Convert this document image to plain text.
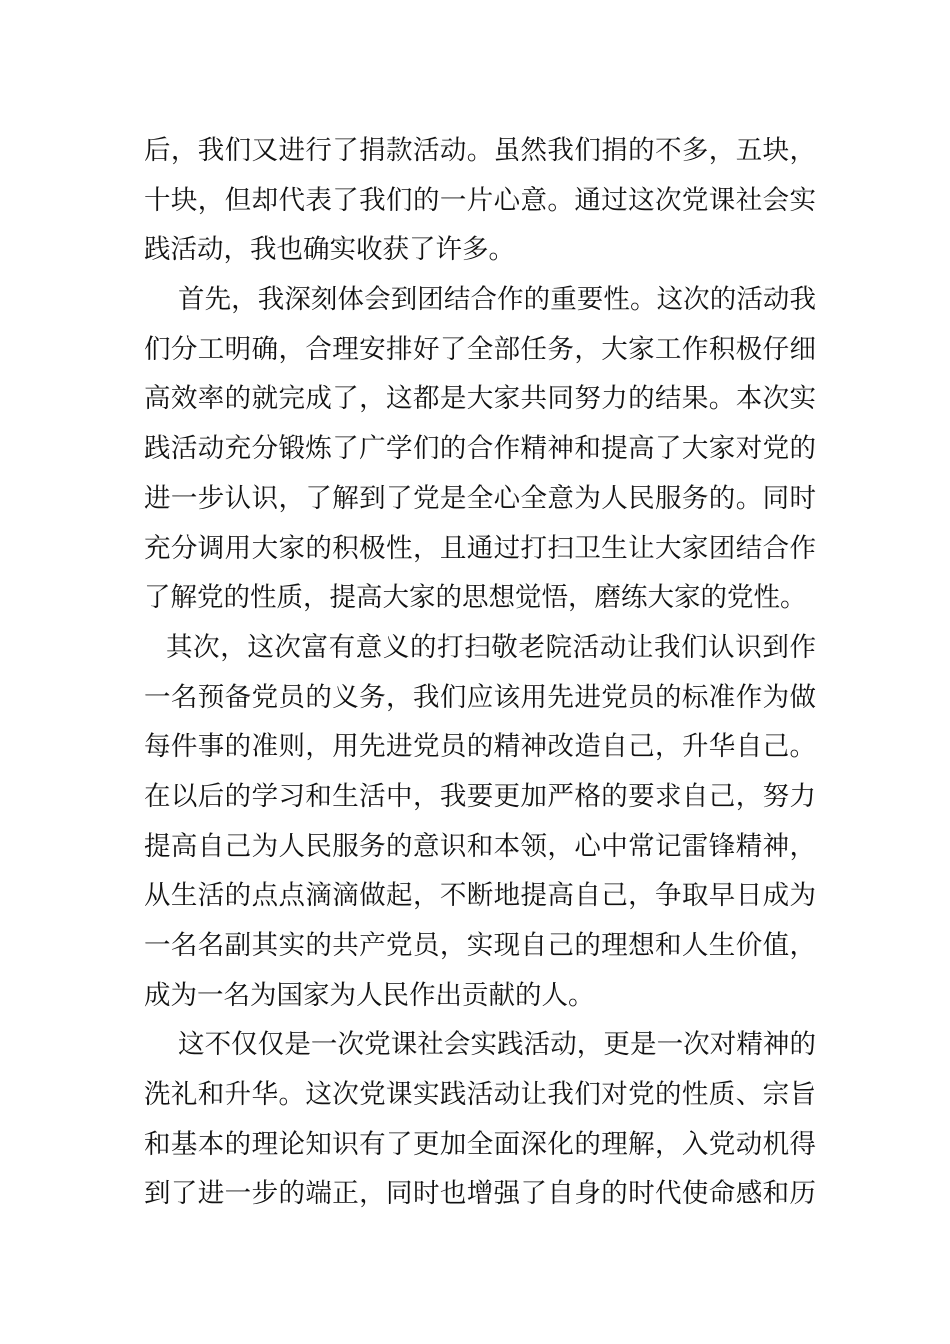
后，我们又进行了捐款活动。虽然我们捐的不多，五块，
十块，但却代表了我们的一片心意。通过这次党课社会实
践活动，我也确实收获了许多。
首先，我深刻体会到团结合作的重要性。这次的活动我
们分工明确，合理安排好了全部任务，大家工作积极仔细
高效率的就完成了，这都是大家共同努力的结果。本次实
践活动充分锻炼了广学们的合作精神和提高了大家对党的
进一步认识，了解到了党是全心全意为人民服务的。同时
充分调用大家的积极性，且通过打扫卫生让大家团结合作
了解党的性质，提高大家的思想觉悟，磨练大家的党性。
其次，这次富有意义的打扫敬老院活动让我们认识到作
一名预备党员的义务，我们应该用先进党员的标准作为做
每件事的准则，用先进党员的精神改造自己，升华自己。
在以后的学习和生活中，我要更加严格的要求自己，努力
提高自己为人民服务的意识和本领，心中常记雷锋精神，
从生活的点点滴滴做起，不断地提高自己，争取早日成为
一名名副其实的共产党员，实现自己的理想和人生价值，
成为一名为国家为人民作出贡献的人。
这不仅仅是一次党课社会实践活动，更是一次对精神的
洗礼和升华。这次党课实践活动让我们对党的性质、宗旨
和基本的理论知识有了更加全面深化的理解，入党动机得
到了进一步的端正，同时也增强了自身的时代使命感和历
